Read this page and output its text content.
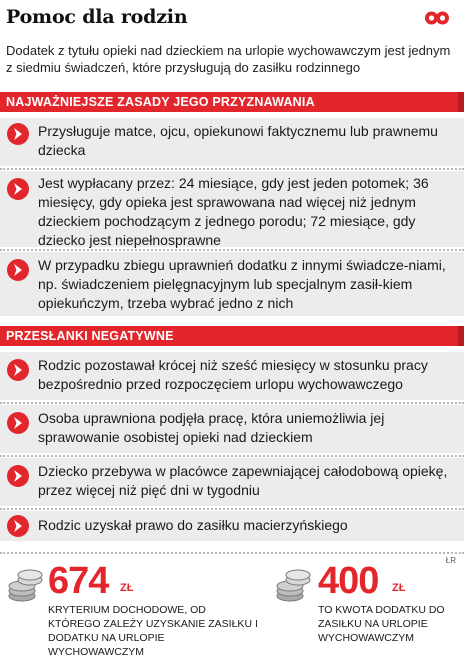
Pomoc dla rodzin
Dodatek z tytułu opieki nad dzieckiem na urlopie wychowawczym jest jednym z siedmiu świadczeń, które przysługują do zasiłku rodzinnego
NAJWAŻNIEJSZE ZASADY JEGO PRZYZNAWANIA
Przysługuje matce, ojcu, opiekunowi faktycznemu lub prawnemu dziecka
Jest wypłacany przez: 24 miesiące, gdy jest jeden potomek; 36 miesięcy, gdy opieka jest sprawowana nad więcej niż jednym dzieckiem pochodzącym z jednego porodu; 72 miesiące, gdy dziecko jest niepełnosprawne
W przypadku zbiegu uprawnień dodatku z innymi świadcze-niami, np. świadczeniem pielęgnacyjnym lub specjalnym zasił-kiem opiekuńczym, trzeba wybrać jedno z nich
PRZESŁANKI NEGATYWNE
Rodzic pozostawał krócej niż sześć miesięcy w stosunku pracy bezpośrednio przed rozpoczęciem urlopu wychowawczego
Osoba uprawniona podjęła pracę, która uniemożliwia jej sprawowanie osobistej opieki nad dzieckiem
Dziecko przebywa w placówce zapewniającej całodobową opiekę, przez więcej niż pięć dni w tygodniu
Rodzic uzyskał prawo do zasiłku macierzyńskiego
674 ZŁ
KRYTERIUM DOCHODOWE, OD KTÓREGO ZALEŻY UZYSKANIE ZASIŁKU I DODATKU NA URLOPIE WYCHOWAWCZYM
400 ZŁ
TO KWOTA DODATKU DO ZASIŁKU NA URLOPIE WYCHOWAWCZYM
ŁR
